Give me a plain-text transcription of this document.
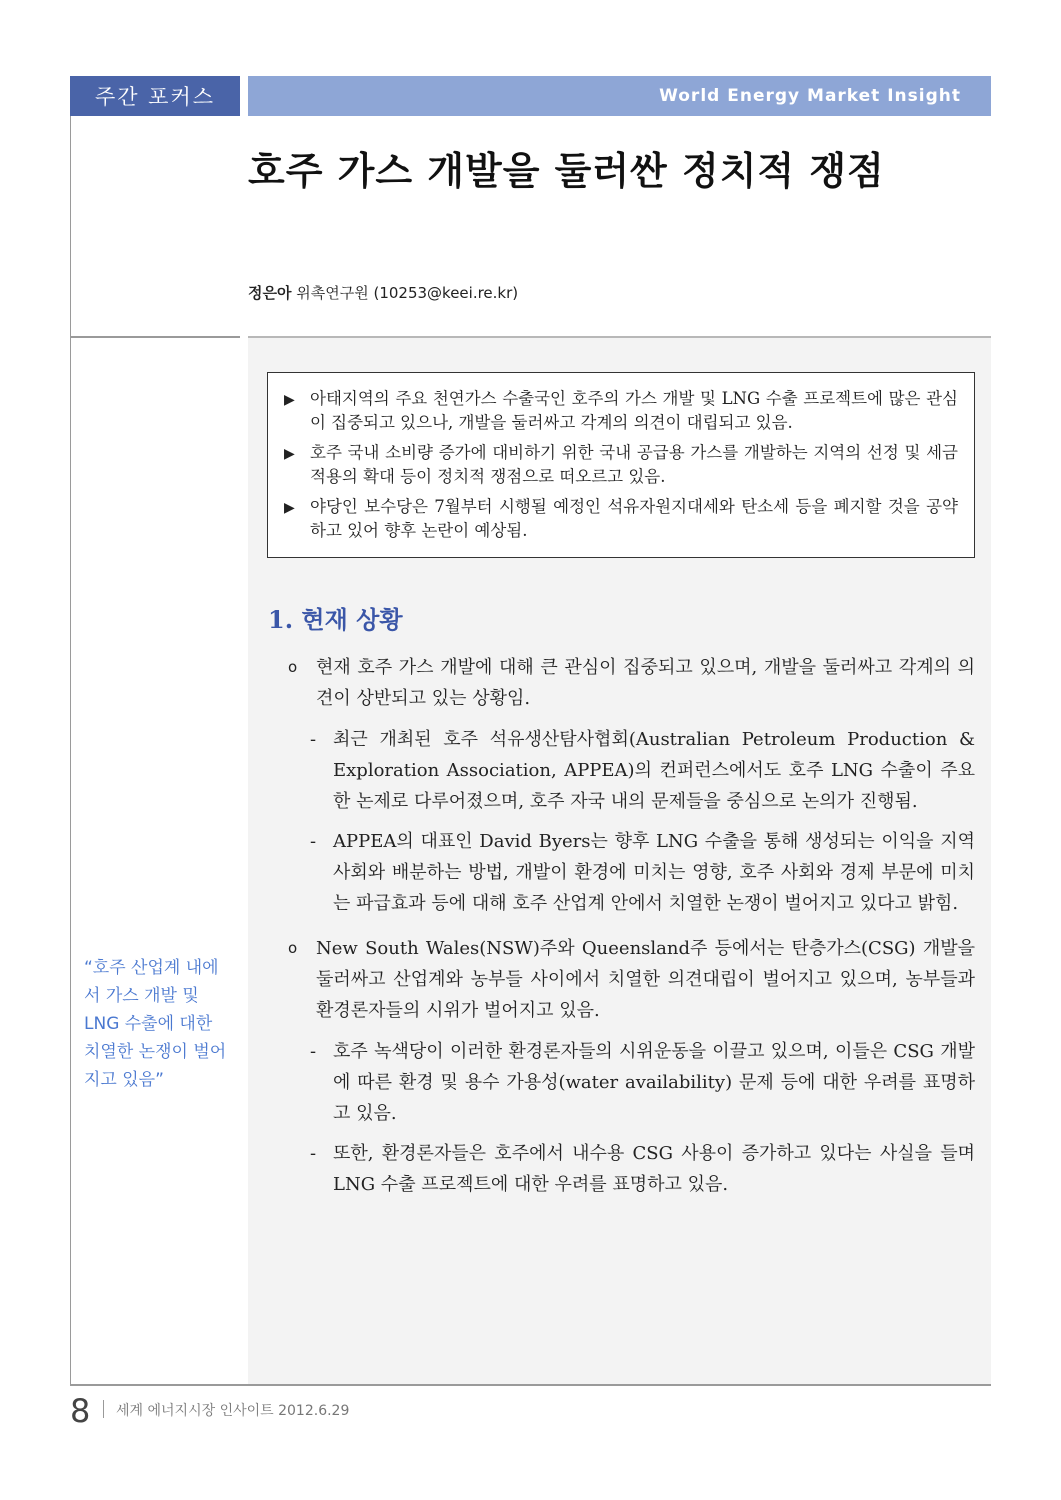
주간 포커스	World Energy Market Insight
호주 가스 개발을 둘러싼 정치적 쟁점
정은아 위촉연구원 (10253@keei.re.kr)
▶ 아태지역의 주요 천연가스 수출국인 호주의 가스 개발 및 LNG 수출 프로젝트에 많은 관심이 집중되고 있으나, 개발을 둘러싸고 각계의 의견이 대립되고 있음.
▶ 호주 국내 소비량 증가에 대비하기 위한 국내 공급용 가스를 개발하는 지역의 선정 및 세금 적용의 확대 등이 정치적 쟁점으로 떠오르고 있음.
▶ 야당인 보수당은 7월부터 시행될 예정인 석유자원지대세와 탄소세 등을 폐지할 것을 공약하고 있어 향후 논란이 예상됨.
1. 현재 상황
o	현재 호주 가스 개발에 대해 큰 관심이 집중되고 있으며, 개발을 둘러싸고 각계의 의견이 상반되고 있는 상황임.
- 최근 개최된 호주 석유생산탐사협회(Australian Petroleum Production & Exploration Association, APPEA)의 컨퍼런스에서도 호주 LNG 수출이 주요한 논제로 다루어졌으며, 호주 자국 내의 문제들을 중심으로 논의가 진행됨.
- APPEA의 대표인 David Byers는 향후 LNG 수출을 통해 생성되는 이익을 지역사회와 배분하는 방법, 개발이 환경에 미치는 영향, 호주 사회와 경제 부문에 미치는 파급효과 등에 대해 호주 산업계 안에서 치열한 논쟁이 벌어지고 있다고 밝힘.
o	New South Wales(NSW)주와 Queensland주 등에서는 탄층가스(CSG) 개발을 둘러싸고 산업계와 농부들 사이에서 치열한 의견대립이 벌어지고 있으며, 농부들과 환경론자들의 시위가 벌어지고 있음.
- 호주 녹색당이 이러한 환경론자들의 시위운동을 이끌고 있으며, 이들은 CSG 개발에 따른 환경 및 용수 가용성(water availability) 문제 등에 대한 우려를 표명하고 있음.
- 또한, 환경론자들은 호주에서 내수용 CSG 사용이 증가하고 있다는 사실을 들며 LNG 수출 프로젝트에 대한 우려를 표명하고 있음.
“호주 산업계 내에서 가스 개발 및 LNG 수출에 대한 치열한 논쟁이 벌어지고 있음”
8 세계 에너지시장 인사이트 2012.6.29
